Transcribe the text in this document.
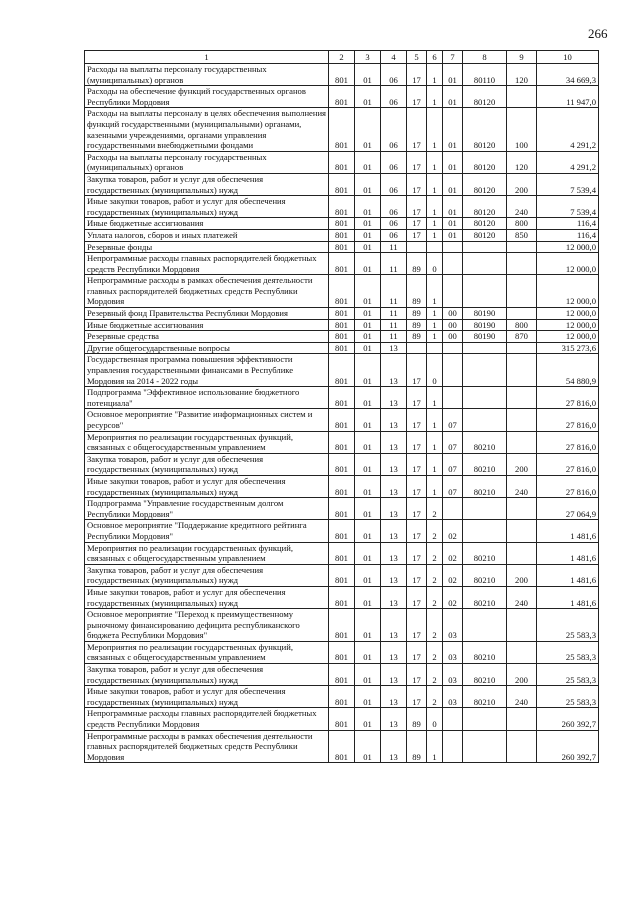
266
1	2	3	4	5	6	7	8	9	10
Расходы на выплаты персоналу государственных (муниципальных) органов	801	01	06	17	1	01	80110	120	34 669,3
Расходы на обеспечение функций государственных органов Республики Мордовия	801	01	06	17	1	01	80120		11 947,0
Расходы на выплаты персоналу в целях обеспечения выполнения функций государственными (муниципальными) органами, казенными учреждениями, органами управления государственными внебюджетными фондами	801	01	06	17	1	01	80120	100	4 291,2
Расходы на выплаты персоналу государственных (муниципальных) органов	801	01	06	17	1	01	80120	120	4 291,2
Закупка товаров, работ и услуг для обеспечения государственных (муниципальных) нужд	801	01	06	17	1	01	80120	200	7 539,4
Иные закупки товаров, работ и услуг для обеспечения государственных (муниципальных) нужд	801	01	06	17	1	01	80120	240	7 539,4
Иные бюджетные ассигнования	801	01	06	17	1	01	80120	800	116,4
Уплата налогов, сборов и иных платежей	801	01	06	17	1	01	80120	850	116,4
Резервные фонды	801	01	11						12 000,0
Непрограммные расходы главных распорядителей бюджетных средств Республики Мордовия	801	01	11	89	0				12 000,0
Непрограммные расходы в рамках обеспечения деятельности главных распорядителей бюджетных средств Республики Мордовия	801	01	11	89	1				12 000,0
Резервный фонд Правительства Республики Мордовия	801	01	11	89	1	00	80190		12 000,0
Иные бюджетные ассигнования	801	01	11	89	1	00	80190	800	12 000,0
Резервные средства	801	01	11	89	1	00	80190	870	12 000,0
Другие общегосударственные вопросы	801	01	13						315 273,6
Государственная программа повышения эффективности управления государственными финансами в Республике Мордовия на 2014 - 2022 годы	801	01	13	17	0				54 880,9
Подпрограмма "Эффективное использование бюджетного потенциала"	801	01	13	17	1				27 816,0
Основное мероприятие "Развитие информационных систем и ресурсов"	801	01	13	17	1	07			27 816,0
Мероприятия по реализации государственных функций, связанных с общегосударственным управлением	801	01	13	17	1	07	80210		27 816,0
Закупка товаров, работ и услуг для обеспечения государственных (муниципальных) нужд	801	01	13	17	1	07	80210	200	27 816,0
Иные закупки товаров, работ и услуг для обеспечения государственных (муниципальных) нужд	801	01	13	17	1	07	80210	240	27 816,0
Подпрограмма "Управление государственным долгом Республики Мордовия"	801	01	13	17	2				27 064,9
Основное мероприятие "Поддержание кредитного рейтинга Республики Мордовия"	801	01	13	17	2	02			1 481,6
Мероприятия по реализации государственных функций, связанных с общегосударственным управлением	801	01	13	17	2	02	80210		1 481,6
Закупка товаров, работ и услуг для обеспечения государственных (муниципальных) нужд	801	01	13	17	2	02	80210	200	1 481,6
Иные закупки товаров, работ и услуг для обеспечения государственных (муниципальных) нужд	801	01	13	17	2	02	80210	240	1 481,6
Основное мероприятие "Переход к преимущественному рыночному финансированию дефицита республиканского бюджета Республики Мордовия"	801	01	13	17	2	03			25 583,3
Мероприятия по реализации государственных функций, связанных с общегосударственным управлением	801	01	13	17	2	03	80210		25 583,3
Закупка товаров, работ и услуг для обеспечения государственных (муниципальных) нужд	801	01	13	17	2	03	80210	200	25 583,3
Иные закупки товаров, работ и услуг для обеспечения государственных (муниципальных) нужд	801	01	13	17	2	03	80210	240	25 583,3
Непрограммные расходы главных распорядителей бюджетных средств Республики Мордовия	801	01	13	89	0				260 392,7
Непрограммные расходы в рамках обеспечения деятельности главных распорядителей бюджетных средств Республики Мордовия	801	01	13	89	1				260 392,7
